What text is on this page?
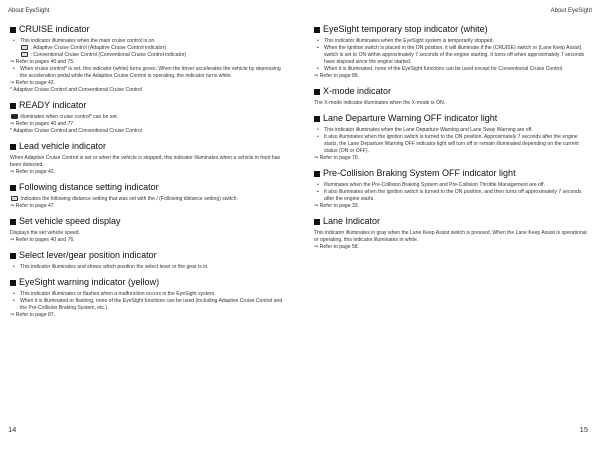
About EyeSight
CRUISE indicator
• This indicator illuminates when the main cruise control is on.
: Adaptive Cruise Control (Adaptive Cruise Control indicator)
: Conventional Cruise Control (Conventional Cruise Control indicator)
⇒ Refer to pages 40 and 75.
• When cruise control* is set, this indicator (white) turns green. When the driver accelerates the vehicle by depressing the acceleration pedal while the Adaptive Cruise Control is operating, the indicator turns white.
⇒ Refer to page 42.
* Adaptive Cruise Control and Conventional Cruise Control
READY indicator
illuminates when cruise control* can be set.
⇒ Refer to pages 40 and 77.
* Adaptive Cruise Control and Conventional Cruise Control
Lead vehicle indicator
When Adaptive Cruise Control is set or when the vehicle is stopped, this indicator illuminates when a vehicle in front has been detected.
⇒ Refer to page 42.
Following distance setting indicator
Indicates the following distance setting that was set with the / (Following distance setting) switch.
⇒ Refer to page 47.
Set vehicle speed display
Displays the set vehicle speed.
⇒ Refer to pages 40 and 76.
Select lever/gear position indicator
• This indicator illuminates and shows which position the select lever or the gear is in.
EyeSight warning indicator (yellow)
• This indicator illuminates or flashes when a malfunction occurs in the EyeSight system.
• When it is illuminated or flashing, none of the EyeSight functions can be used (including Adaptive Cruise Control and the Pre-Collision Braking System, etc.).
⇒ Refer to page 87.
14
About EyeSight
EyeSight temporary stop indicator (white)
• This indicator illuminates when the EyeSight system is temporarily stopped.
• When the ignition switch is placed in the ON position, it will illuminate if the (CRUISE) switch or (Lane Keep Assist) switch is set to ON within approximately 7 seconds of the engine starting. It turns off when approximately 7 seconds have elapsed since the engine started.
• When it is illuminated, none of the EyeSight functions can be used except for Conventional Cruise Control.
⇒ Refer to page 89.
X-mode indicator
The X-mode indicator illuminates when the X-mode is ON.
Lane Departure Warning OFF indicator light
• This indicator illuminates when the Lane Departure Warning and Lane Sway Warning are off.
• It also illuminates when the ignition switch is turned to the ON position. Approximately 7 seconds after the engine starts, the Lane Departure Warning OFF indicator light will turn off or remain illuminated depending on the current status (ON or OFF).
⇒ Refer to page 70.
Pre-Collision Braking System OFF indicator light
• Illuminates when the Pre-Collision Braking System and Pre-Collision Throttle Management are off.
• It also illuminates when the ignition switch is turned to the ON position, and then turns off approximately 7 seconds after the engine starts.
⇒ Refer to page 33.
Lane Indicator
This indicator illuminates in gray when the Lane Keep Assist switch is pressed. When the Lane Keep Assist is operational or operating, this indicator illuminates in white.
⇒ Refer to page 58.
15
